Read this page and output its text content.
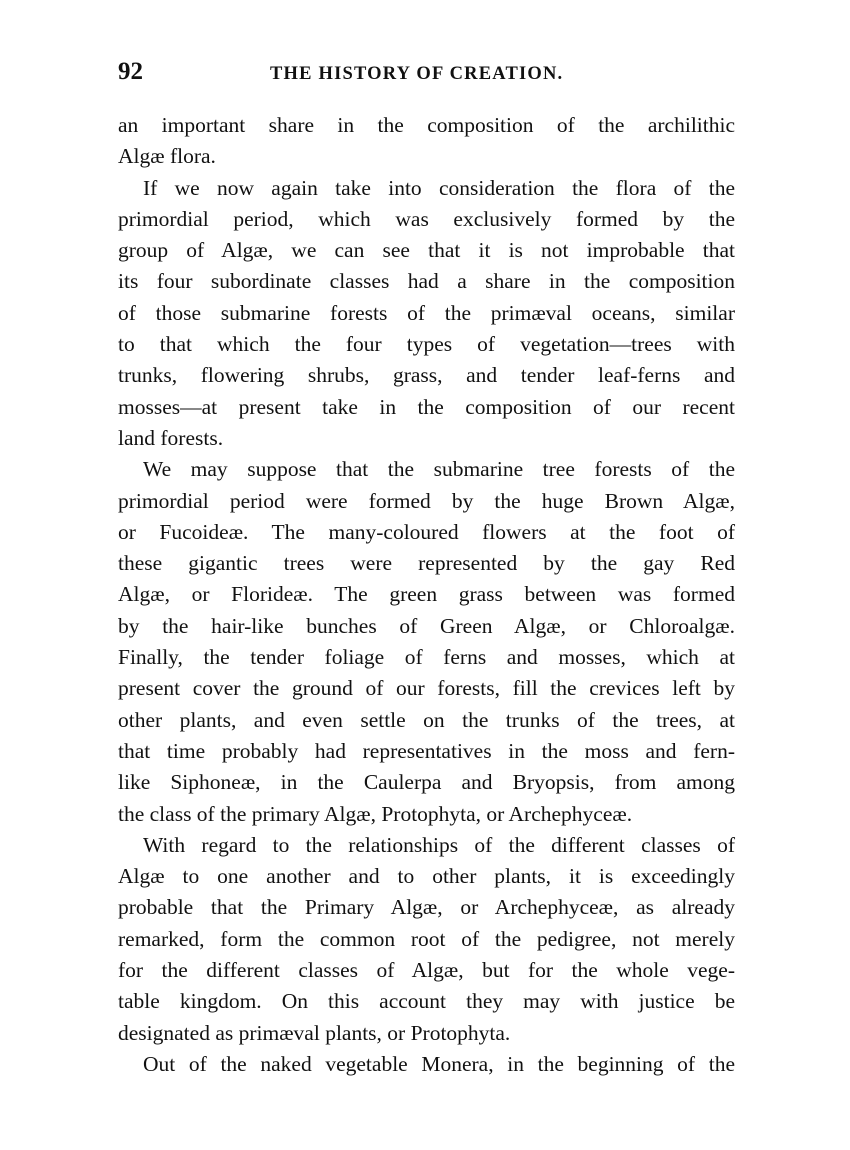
92	THE HISTORY OF CREATION.
an important share in the composition of the archilithic
Algæ flora.
If we now again take into consideration the flora of the
primordial period, which was exclusively formed by the
group of Algæ, we can see that it is not improbable that
its four subordinate classes had a share in the composition
of those submarine forests of the primæval oceans, similar
to that which the four types of vegetation—trees with
trunks, flowering shrubs, grass, and tender leaf-ferns and
mosses—at present take in the composition of our recent
land forests.
We may suppose that the submarine tree forests of the
primordial period were formed by the huge Brown Algæ,
or Fucoideæ. The many-coloured flowers at the foot of
these gigantic trees were represented by the gay Red
Algæ, or Florideæ. The green grass between was formed
by the hair-like bunches of Green Algæ, or Chloroalgæ.
Finally, the tender foliage of ferns and mosses, which at
present cover the ground of our forests, fill the crevices left by
other plants, and even settle on the trunks of the trees, at
that time probably had representatives in the moss and fern-
like Siphoneæ, in the Caulerpa and Bryopsis, from among
the class of the primary Algæ, Protophyta, or Archephyceæ.
With regard to the relationships of the different classes of
Algæ to one another and to other plants, it is exceedingly
probable that the Primary Algæ, or Archephyceæ, as already
remarked, form the common root of the pedigree, not merely
for the different classes of Algæ, but for the whole vege-
table kingdom. On this account they may with justice be
designated as primæval plants, or Protophyta.
Out of the naked vegetable Monera, in the beginning of the
